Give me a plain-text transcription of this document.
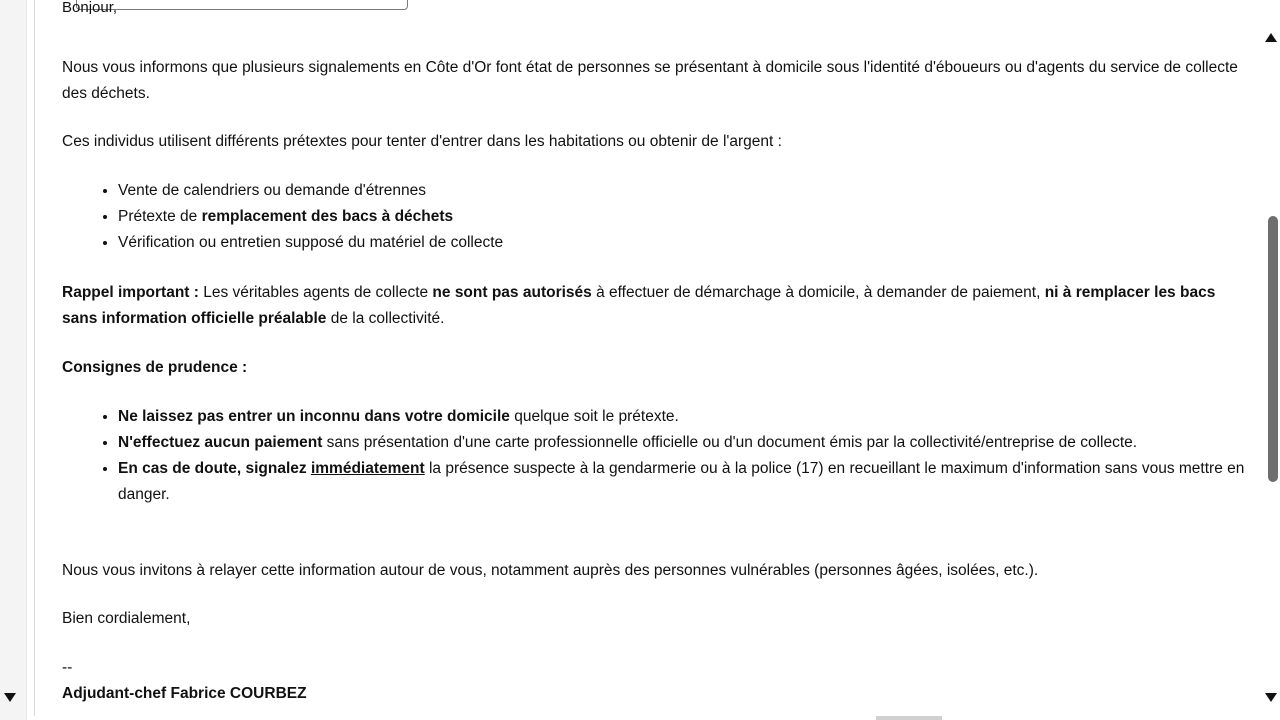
Bonjour,

Nous vous informons que plusieurs signalements en Côte d'Or font état de personnes se présentant à domicile sous l'identité d'éboueurs ou d'agents du service de collecte des déchets.

Ces individus utilisent différents prétextes pour tenter d'entrer dans les habitations ou obtenir de l'argent :

• Vente de calendriers ou demande d'étrennes
• Prétexte de remplacement des bacs à déchets
• Vérification ou entretien supposé du matériel de collecte

Rappel important : Les véritables agents de collecte ne sont pas autorisés à effectuer de démarchage à domicile, à demander de paiement, ni à remplacer les bacs sans information officielle préalable de la collectivité.

Consignes de prudence :
• Ne laissez pas entrer un inconnu dans votre domicile quelque soit le prétexte.
• N'effectuez aucun paiement sans présentation d'une carte professionnelle officielle ou d'un document émis par la collectivité/entreprise de collecte.
• En cas de doute, signalez immédiatement la présence suspecte à la gendarmerie ou à la police (17) en recueillant le maximum d'information sans vous mettre en danger.

Nous vous invitons à relayer cette information autour de vous, notamment auprès des personnes vulnérables (personnes âgées, isolées, etc.).

Bien cordialement,

--
Adjudant-chef Fabrice COURBEZ
